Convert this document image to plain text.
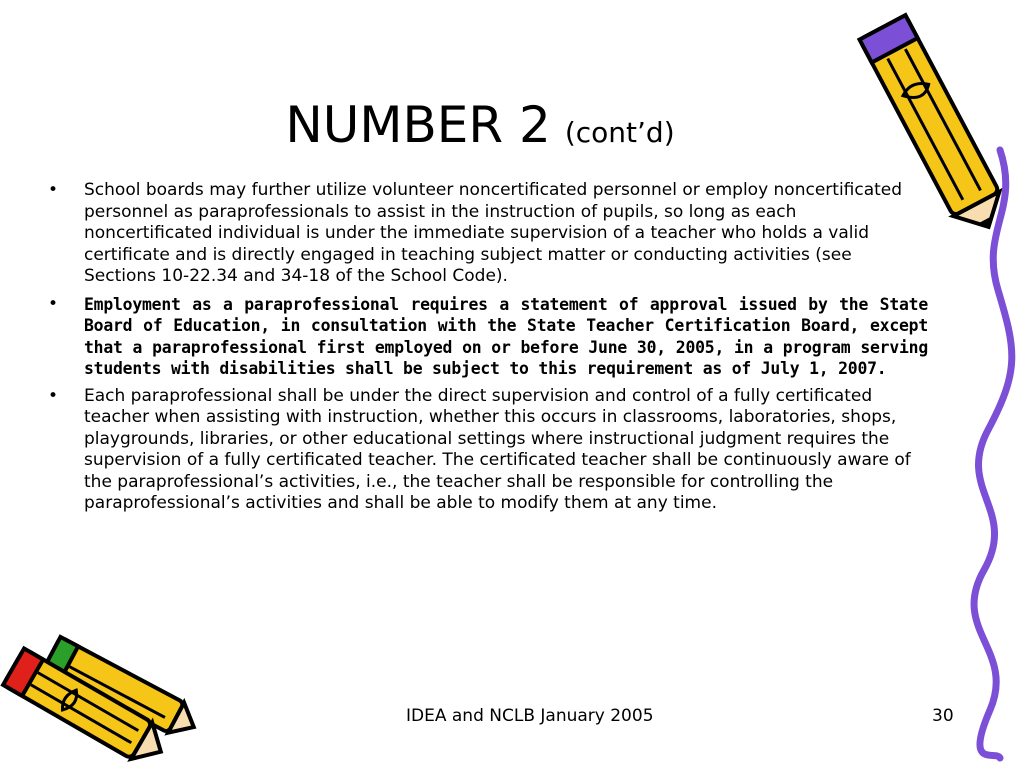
NUMBER 2 (cont’d)
•	School boards may further utilize volunteer noncertificated personnel or employ noncertificated personnel as paraprofessionals to assist in the instruction of pupils, so long as each noncertificated individual is under the immediate supervision of a teacher who holds a valid certificate and is directly engaged in teaching subject matter or conducting activities (see Sections 10-22.34 and 34-18 of the School Code).
•	Employment as a paraprofessional requires a statement of approval issued by the State Board of Education, in consultation with the State Teacher Certification Board, except that a paraprofessional first employed on or before June 30, 2005, in a program serving students with disabilities shall be subject to this requirement as of July 1, 2007.
•	Each paraprofessional shall be under the direct supervision and control of a fully certificated teacher when assisting with instruction, whether this occurs in classrooms, laboratories, shops, playgrounds, libraries, or other educational settings where instructional judgment requires the supervision of a fully certificated teacher. The certificated teacher shall be continuously aware of the paraprofessional’s activities, i.e., the teacher shall be responsible for controlling the paraprofessional’s activities and shall be able to modify them at any time.
IDEA and NCLB January 2005	30
